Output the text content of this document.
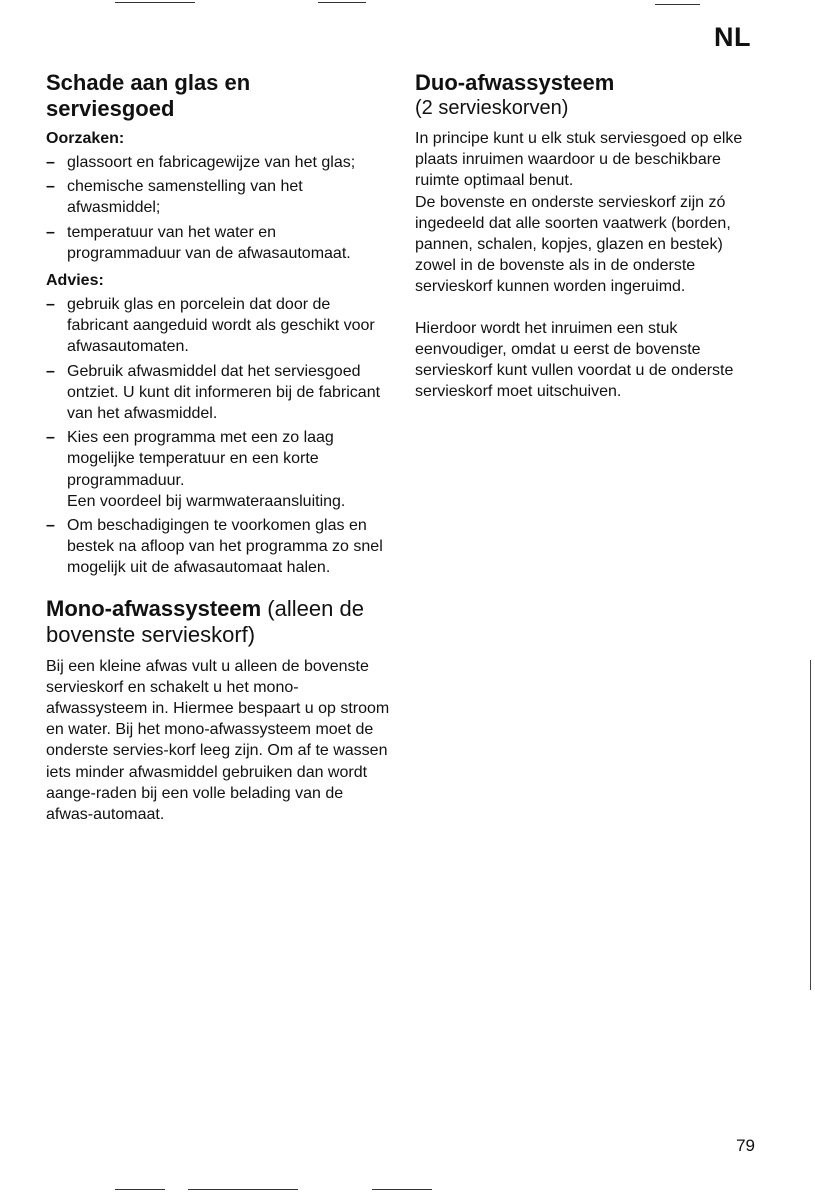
NL
Schade aan glas en
serviesgoed
Oorzaken:
– glassoort en fabricagewijze van het glas;
– chemische samenstelling van het afwasmiddel;
– temperatuur van het water en programmaduur van de afwasautomaat.
Advies:
– gebruik glas en porcelein dat door de fabricant aangeduid wordt als geschikt voor afwasautomaten.
– Gebruik afwasmiddel dat het serviesgoed ontziet. U kunt dit informeren bij de fabricant van het afwasmiddel.
– Kies een programma met een zo laag mogelijke temperatuur en een korte programmaduur.
Een voordeel bij warmwateraansluiting.
– Om beschadigingen te voorkomen glas en bestek na afloop van het programma zo snel mogelijk uit de afwasautomaat halen.
Mono-afwassysteem (alleen de
bovenste servieskorf)

Bij een kleine afwas vult u alleen de bovenste servieskorf en schakelt u het mono-afwassysteem in. Hiermee bespaart u op stroom en water. Bij het mono-afwassysteem moet de onderste servies-korf leeg zijn. Om af te wassen iets minder afwasmiddel gebruiken dan wordt aange-raden bij een volle belading van de afwas-automaat.

Duo-afwassysteem
(2 servieskorven)

In principe kunt u elk stuk serviesgoed op elke plaats inruimen waardoor u de beschikbare ruimte optimaal benut.

De bovenste en onderste servieskorf zijn zó ingedeeld dat alle soorten vaatwerk (borden, pannen, schalen, kopjes, glazen en bestek) zowel in de bovenste als in de onderste servieskorf kunnen worden ingeruimd.

Hierdoor wordt het inruimen een stuk eenvoudiger, omdat u eerst de bovenste servieskorf kunt vullen voordat u de onderste servieskorf moet uitschuiven.

79
